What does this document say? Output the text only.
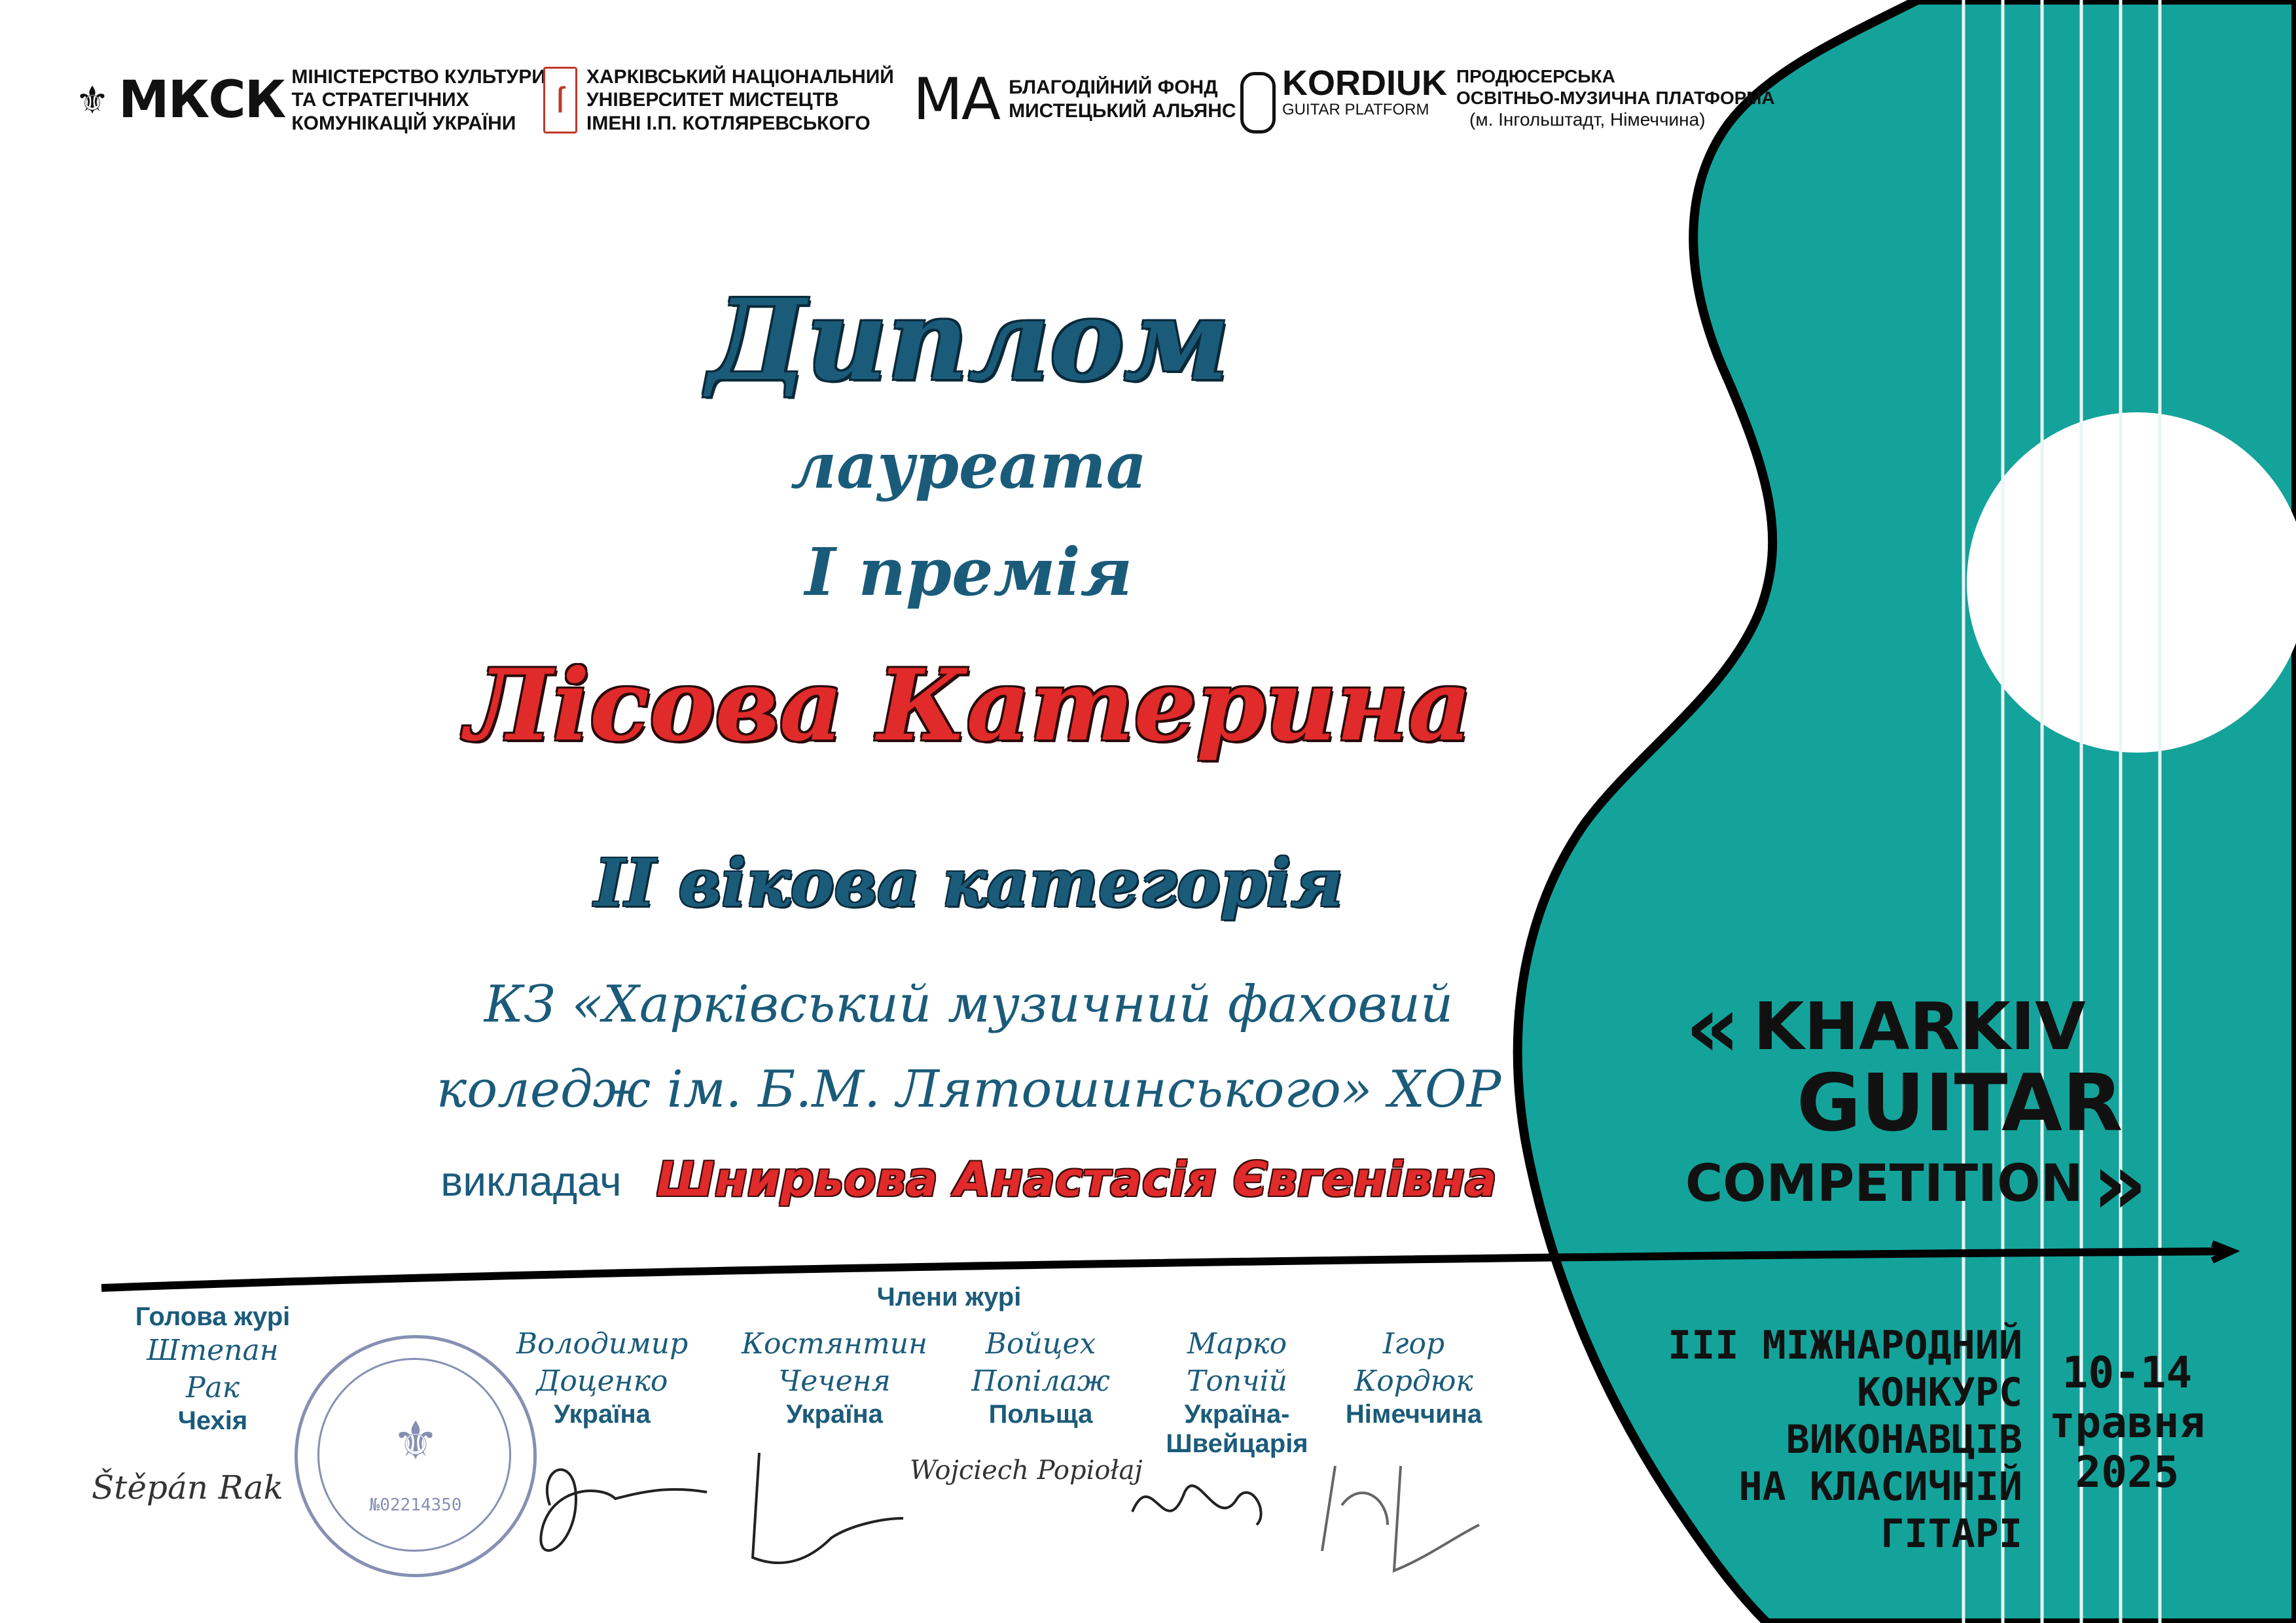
⚜ МКСК МІНІСТЕРСТВО КУЛЬТУРИ
ТА СТРАТЕГІЧНИХ
КОМУНІКАЦІЙ УКРАЇНИ
ſ
ХАРКІВСЬКИЙ НАЦІОНАЛЬНИЙ
УНІВЕРСИТЕТ МИСТЕЦТВ
ІМЕНІ І.П. КОТЛЯРЕВСЬКОГО МА БЛАГОДІЙНИЙ ФОНД
МИСТЕЦЬКИЙ АЛЬЯНС
KORDIUK
GUITAR PLATFORM
ПРОДЮСЕРСЬКА
ОСВІТНЬО-МУЗИЧНА ПЛАТФОРМА
(м. Інгольштадт, Німеччина)
Диплом
лауреата
I премія
Лісова Катерина
II вікова категорія
КЗ «Харківський музичний фаховий
коледж ім. Б.М. Лятошинського» ХОР
викладач Шнирьова Анастасія Євгенівна
Члени журі
Голова журі
Штепан
Рак
Чехія
Володимир
Доценко
Україна
Костянтин
Чеченя
Україна
Войцех
Попілаж
Польща
Марко
Топчій
Україна-
Швейцарія
Ігор
Кордюк
Німеччина
⚜
№02214350
Štěpán Rak	Wojciech Popiołaj
« KHARKIV
GUITAR
COMPETITION »
III МІЖНАРОДНИЙ
КОНКУРС
ВИКОНАВЦІВ
НА КЛАСИЧНІЙ
ГІТАРІ
10-14
травня
2025
